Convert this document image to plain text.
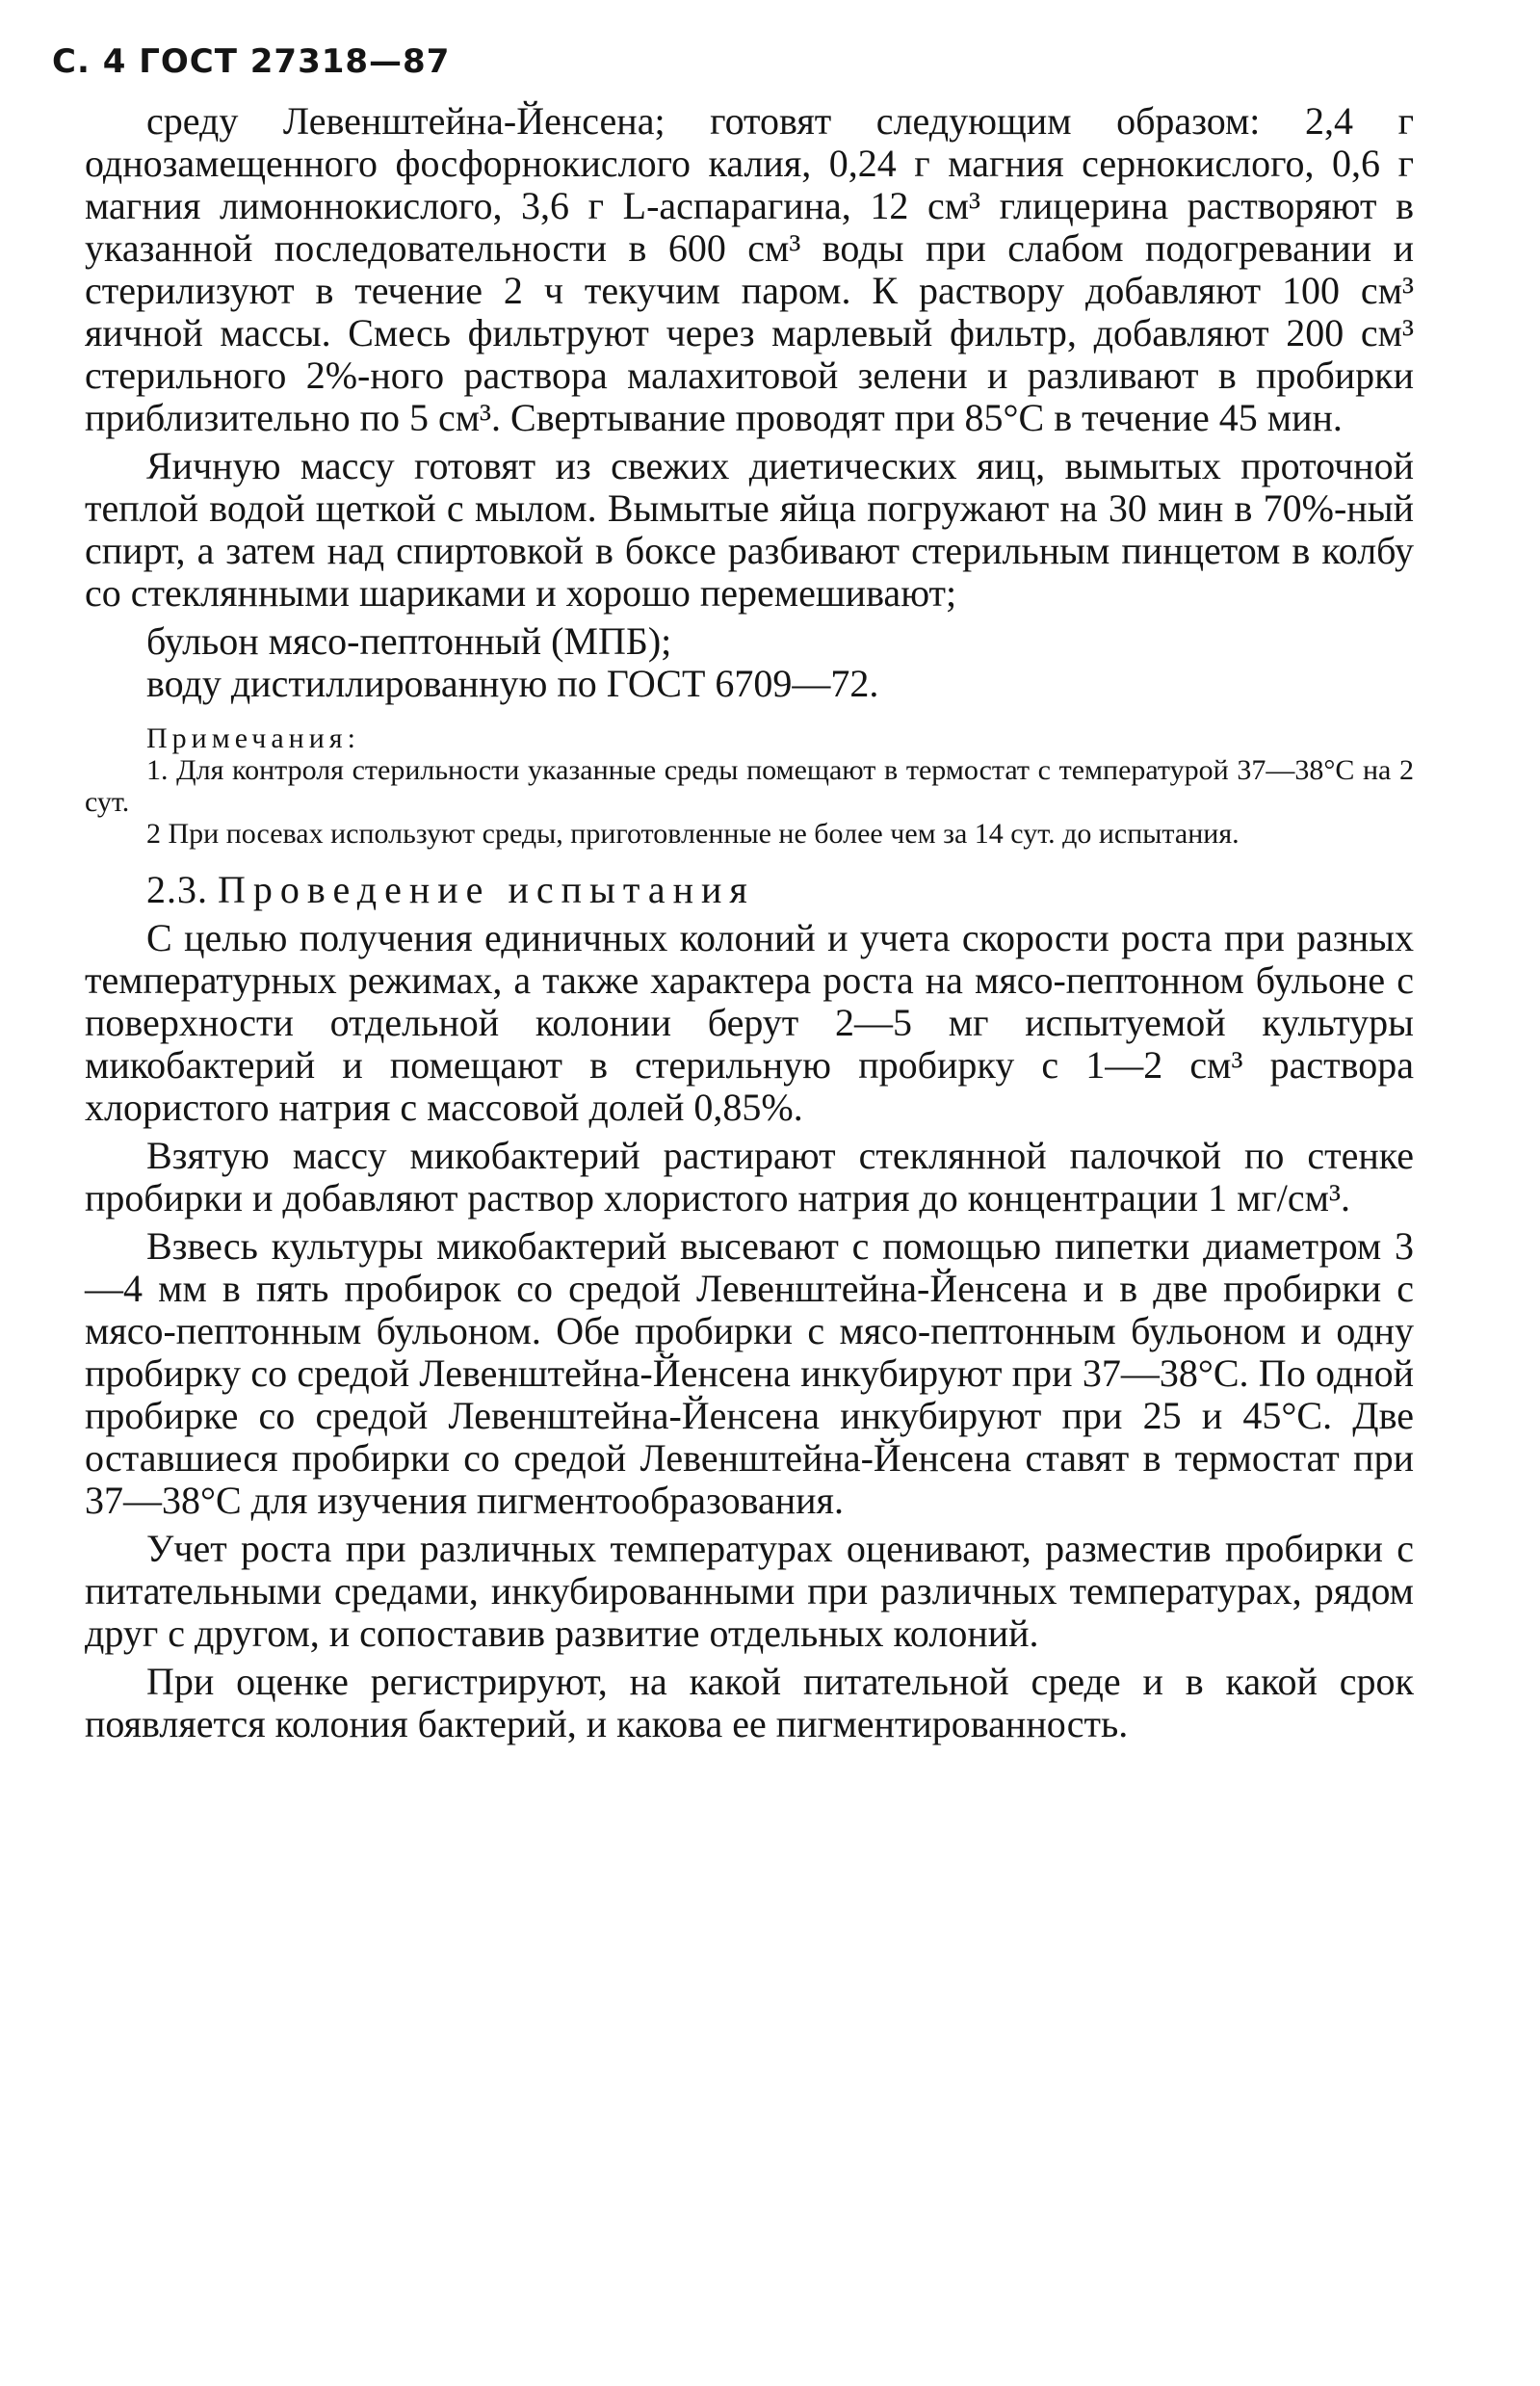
С. 4 ГОСТ 27318—87

среду Левенштейна-Йенсена; готовят следующим образом: 2,4 г однозамещенного фосфорнокислого калия, 0,24 г магния сернокислого, 0,6 г магния лимоннокислого, 3,6 г L-аспарагина, 12 см³ глицерина растворяют в указанной последовательности в 600 см³ воды при слабом подогревании и стерилизуют в течение 2 ч текучим паром. К раствору добавляют 100 см³ яичной массы. Смесь фильтруют через марлевый фильтр, добавляют 200 см³ стерильного 2%-ного раствора малахитовой зелени и разливают в пробирки приблизительно по 5 см³. Свертывание проводят при 85°С в течение 45 мин.

Яичную массу готовят из свежих диетических яиц, вымытых проточной теплой водой щеткой с мылом. Вымытые яйца погружают на 30 мин в 70%-ный спирт, а затем над спиртовкой в боксе разбивают стерильным пинцетом в колбу со стеклянными шариками и хорошо перемешивают;

бульон мясо-пептонный (МПБ);

воду дистиллированную по ГОСТ 6709—72.

Примечания:

1. Для контроля стерильности указанные среды помещают в термостат с температурой 37—38°С на 2 сут.

2 При посевах используют среды, приготовленные не более чем за 14 сут. до испытания.

2.3. Проведение испытания

С целью получения единичных колоний и учета скорости роста при разных температурных режимах, а также характера роста на мясо-пептонном бульоне с поверхности отдельной колонии берут 2—5 мг испытуемой культуры микобактерий и помещают в стерильную пробирку с 1—2 см³ раствора хлористого натрия с массовой долей 0,85%.

Взятую массу микобактерий растирают стеклянной палочкой по стенке пробирки и добавляют раствор хлористого натрия до концентрации 1 мг/см³.

Взвесь культуры микобактерий высевают с помощью пипетки диаметром 3—4 мм в пять пробирок со средой Левенштейна-Йенсена и в две пробирки с мясо-пептонным бульоном. Обе пробирки с мясо-пептонным бульоном и одну пробирку со средой Левенштейна-Йенсена инкубируют при 37—38°С. По одной пробирке со средой Левенштейна-Йенсена инкубируют при 25 и 45°С. Две оставшиеся пробирки со средой Левенштейна-Йенсена ставят в термостат при 37—38°С для изучения пигментообразования.

Учет роста при различных температурах оценивают, разместив пробирки с питательными средами, инкубированными при различных температурах, рядом друг с другом, и сопоставив развитие отдельных колоний.

При оценке регистрируют, на какой питательной среде и в какой срок появляется колония бактерий, и какова ее пигментированность.
